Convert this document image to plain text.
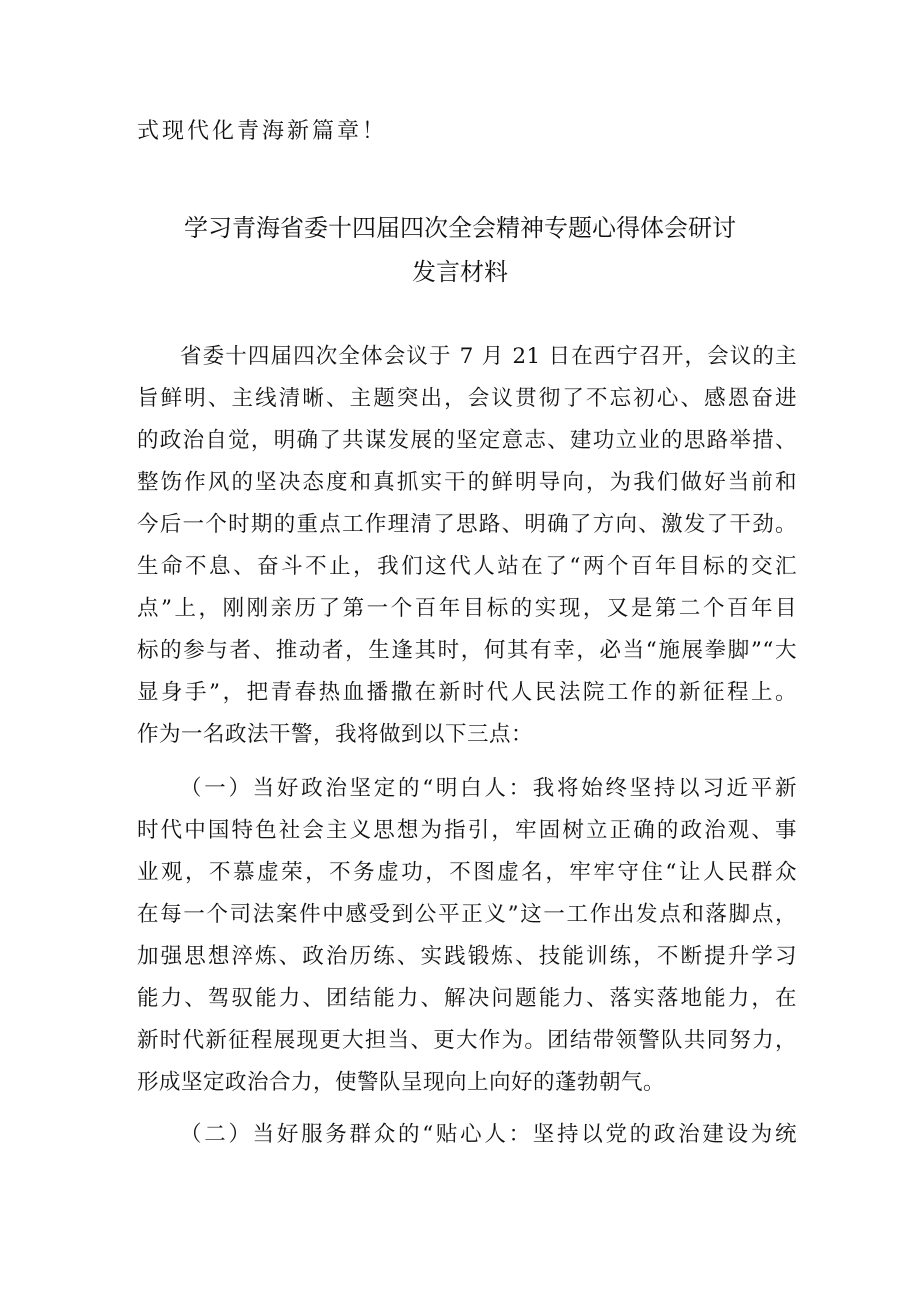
式现代化青海新篇章！
学习青海省委十四届四次全会精神专题心得体会研讨
发言材料
省委十四届四次全体会议于 7 月 21 日在西宁召开，会议的主
旨鲜明、主线清晰、主题突出，会议贯彻了不忘初心、感恩奋进
的政治自觉，明确了共谋发展的坚定意志、建功立业的思路举措、
整饬作风的坚决态度和真抓实干的鲜明导向，为我们做好当前和
今后一个时期的重点工作理清了思路、明确了方向、激发了干劲。
生命不息、奋斗不止，我们这代人站在了“两个百年目标的交汇
点”上，刚刚亲历了第一个百年目标的实现，又是第二个百年目
标的参与者、推动者，生逢其时，何其有幸，必当“施展拳脚”“大
显身手”，把青春热血播撒在新时代人民法院工作的新征程上。
作为一名政法干警，我将做到以下三点：
（一）当好政治坚定的“明白人：我将始终坚持以习近平新
时代中国特色社会主义思想为指引，牢固树立正确的政治观、事
业观，不慕虚荣，不务虚功，不图虚名，牢牢守住“让人民群众
在每一个司法案件中感受到公平正义”这一工作出发点和落脚点，
加强思想淬炼、政治历练、实践锻炼、技能训练，不断提升学习
能力、驾驭能力、团结能力、解决问题能力、落实落地能力，在
新时代新征程展现更大担当、更大作为。团结带领警队共同努力，
形成坚定政治合力，使警队呈现向上向好的蓬勃朝气。
（二）当好服务群众的“贴心人：坚持以党的政治建设为统
